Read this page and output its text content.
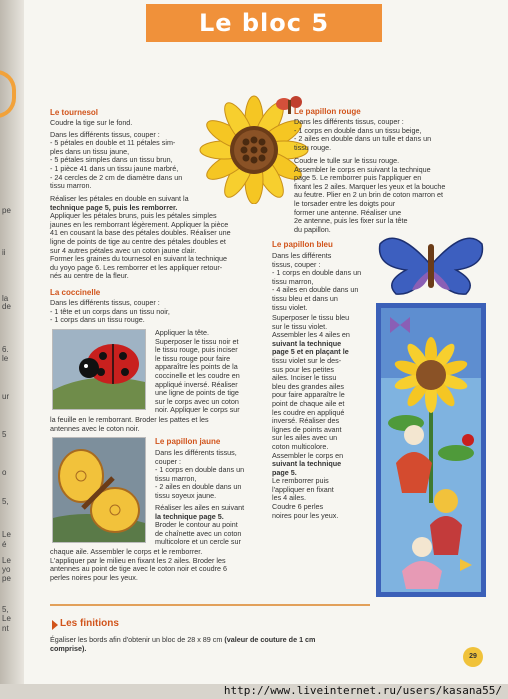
pe
ii
la
de
6.
le
ur
5
o
5,
Le
é
Le
yo
pe
5,
Le
nt
Le bloc 5
Le tournesol

Coudre la tige sur le fond.

Dans les différents tissus, couper :

- 5 pétales en double et 11 pétales sim-

ples dans un tissu jaune,

- 5 pétales simples dans un tissu brun,

- 1 pièce 41 dans un tissu jaune marbré,

- 24 cercles de 2 cm de diamètre dans un

tissu marron.

Réaliser les pétales en double en suivant la

technique page 5, puis les remborrer.

Appliquer les pétales bruns, puis les pétales simples

jaunes en les remborrant légèrement. Appliquer la pièce

41 en cousant la base des pétales doubles. Réaliser une

ligne de points de tige au centre des pétales doubles et

sur 4 autres pétales avec un coton jaune clair.

Former les graines du tournesol en suivant la technique

du yoyo page 6. Les remborrer et les appliquer retour-

nés au centre de la fleur.

La coccinelle

Dans les différents tissus, couper :

- 1 tête et un corps dans un tissu noir,

- 1 corps dans un tissu rouge.

Appliquer la tête.

Superposer le tissu noir et

le tissu rouge, puis inciser

le tissu rouge pour faire

apparaître les points de la

coccinelle et les coudre en

appliqué inversé. Réaliser

une ligne de points de tige

sur le corps avec un coton

noir. Appliquer le corps sur

la feuille en le remborrant. Broder les pattes et les

antennes avec le coton noir.

Le papillon jaune

Dans les différents tissus,

couper :

- 1 corps en double dans un

tissu marron,

- 2 ailes en double dans un

tissu soyeux jaune.

Réaliser les ailes en suivant

la technique page 5.

Broder le contour au point

de chaînette avec un coton

multicolore et un cercle sur

chaque aile. Assembler le corps et le remborrer.

L'appliquer par le milieu en fixant les 2 ailes. Broder les

antennes au point de tige avec le coton noir et coudre 6

perles noires pour les yeux.

Le papillon rouge

Dans les différents tissus, couper :

- 1 corps en double dans un tissu beige,

- 2 ailes en double dans un tulle et dans un

tissu rouge.

Coudre le tulle sur le tissu rouge.

Assembler le corps en suivant la technique

page 5. Le remborrer puis l'appliquer en

fixant les 2 ailes. Marquer les yeux et la bouche

au feutre. Plier en 2 un brin de coton marron et

le torsader entre les doigts pour

former une antenne. Réaliser une

2e antenne, puis les fixer sur la tête

du papillon.

Le papillon bleu

Dans les différents

tissus, couper :

- 1 corps en double dans un

tissu marron,

- 4 ailes en double dans un

tissu bleu et dans un

tissu violet.

Superposer le tissu bleu

sur le tissu violet.

Assembler les 4 ailes en

suivant la technique

page 5 et en plaçant le

tissu violet sur le des-

sus pour les petites

ailes. Inciser le tissu

bleu des grandes ailes

pour faire apparaître le

point de chaque aile et

les coudre en appliqué

inversé. Réaliser des

lignes de points avant

sur les ailes avec un

coton multicolore.

Assembler le corps en

suivant la technique

page 5.

Le remborrer puis

l'appliquer en fixant

les 4 ailes.

Coudre 6 perles

noires pour les yeux.

Les finitions

Égaliser les bords afin d'obtenir un bloc de 28 x 89 cm (valeur de couture de 1 cm

comprise).

29
http://www.liveinternet.ru/users/kasana55/
